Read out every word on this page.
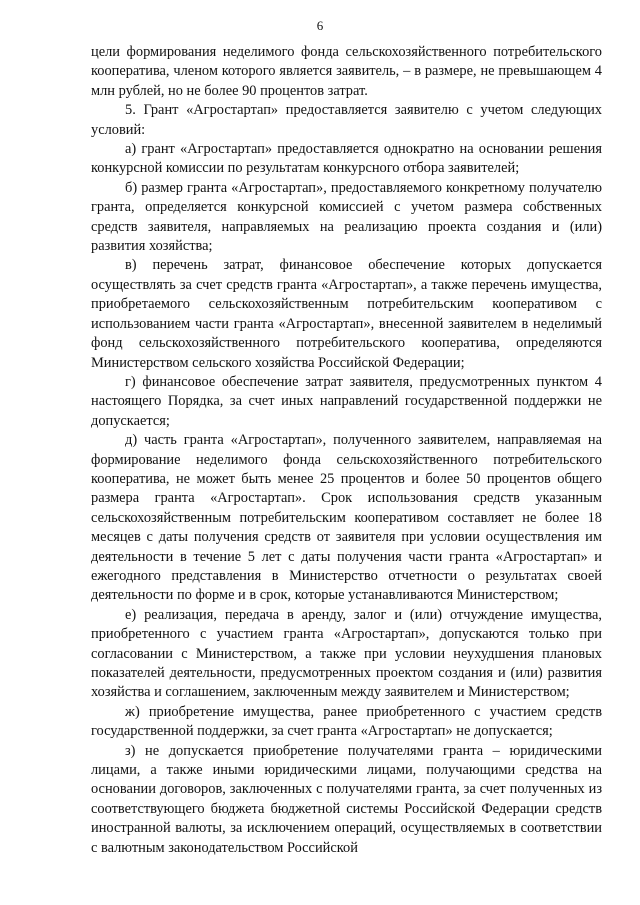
6

цели формирования неделимого фонда сельскохозяйственного потребительского кооператива, членом которого является заявитель, – в размере, не превышающем 4 млн рублей, но не более 90 процентов затрат.

5. Грант «Агростартап» предоставляется заявителю с учетом следующих условий:

а) грант «Агростартап» предоставляется однократно на основании решения конкурсной комиссии по результатам конкурсного отбора заявителей;

б) размер гранта «Агростартап», предоставляемого конкретному получателю гранта, определяется конкурсной комиссией с учетом размера собственных средств заявителя, направляемых на реализацию проекта создания и (или) развития хозяйства;

в) перечень затрат, финансовое обеспечение которых допускается осуществлять за счет средств гранта «Агростартап», а также перечень имущества, приобретаемого сельскохозяйственным потребительским кооперативом с использованием части гранта «Агростартап», внесенной заявителем в неделимый фонд сельскохозяйственного потребительского кооператива, определяются Министерством сельского хозяйства Российской Федерации;

г) финансовое обеспечение затрат заявителя, предусмотренных пунктом 4 настоящего Порядка, за счет иных направлений государственной поддержки не допускается;

д) часть гранта «Агростартап», полученного заявителем, направляемая на формирование неделимого фонда сельскохозяйственного потребительского кооператива, не может быть менее 25 процентов и более 50 процентов общего размера гранта «Агростартап». Срок использования средств указанным сельскохозяйственным потребительским кооперативом составляет не более 18 месяцев с даты получения средств от заявителя при условии осуществления им деятельности в течение 5 лет с даты получения части гранта «Агростартап» и ежегодного представления в Министерство отчетности о результатах своей деятельности по форме и в срок, которые устанавливаются Министерством;

е) реализация, передача в аренду, залог и (или) отчуждение имущества, приобретенного с участием гранта «Агростартап», допускаются только при согласовании с Министерством, а также при условии неухудшения плановых показателей деятельности, предусмотренных проектом создания и (или) развития хозяйства и соглашением, заключенным между заявителем и Министерством;

ж) приобретение имущества, ранее приобретенного с участием средств государственной поддержки, за счет гранта «Агростартап» не допускается;

з) не допускается приобретение получателями гранта – юридическими лицами, а также иными юридическими лицами, получающими средства на основании договоров, заключенных с получателями гранта, за счет полученных из соответствующего бюджета бюджетной системы Российской Федерации средств иностранной валюты, за исключением операций, осуществляемых в соответствии с валютным законодательством Российской
